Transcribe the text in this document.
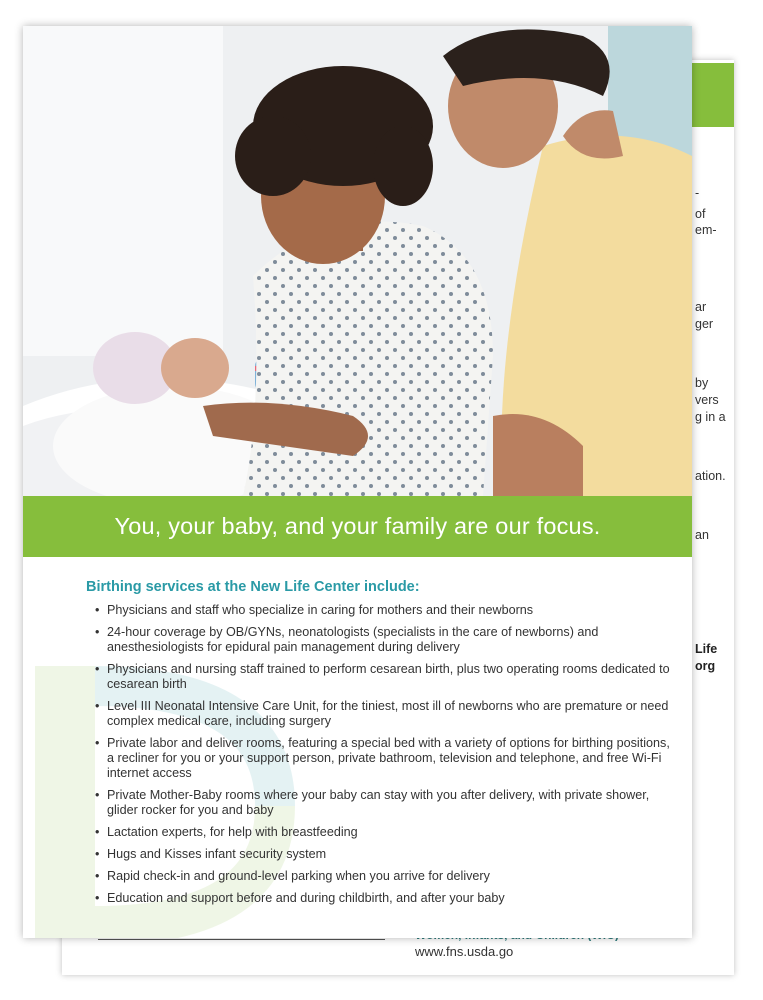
-
of
em-
ar
ger
by
vers
g in a
ation.
an
Life
org
www.fns.usda.go
You, your baby, and your family are our focus.
Birthing services at the New Life Center include:
• Physicians and staff who specialize in caring for mothers and their newborns
• 24-hour coverage by OB/GYNs, neonatologists (specialists in the care of newborns) and anesthesiologists for epidural pain management during delivery
• Physicians and nursing staff trained to perform cesarean birth, plus two operating rooms dedicated to cesarean birth
• Level III Neonatal Intensive Care Unit, for the tiniest, most ill of newborns who are premature or need complex medical care, including surgery
• Private labor and deliver rooms, featuring a special bed with a variety of options for birthing positions, a recliner for you or your support person, private bathroom, television and telephone, and free Wi-Fi internet access
• Private Mother-Baby rooms where your baby can stay with you after delivery, with private shower, glider rocker for you and baby
• Lactation experts, for help with breastfeeding
• Hugs and Kisses infant security system
• Rapid check-in and ground-level parking when you arrive for delivery
• Education and support before and during childbirth, and after your baby
